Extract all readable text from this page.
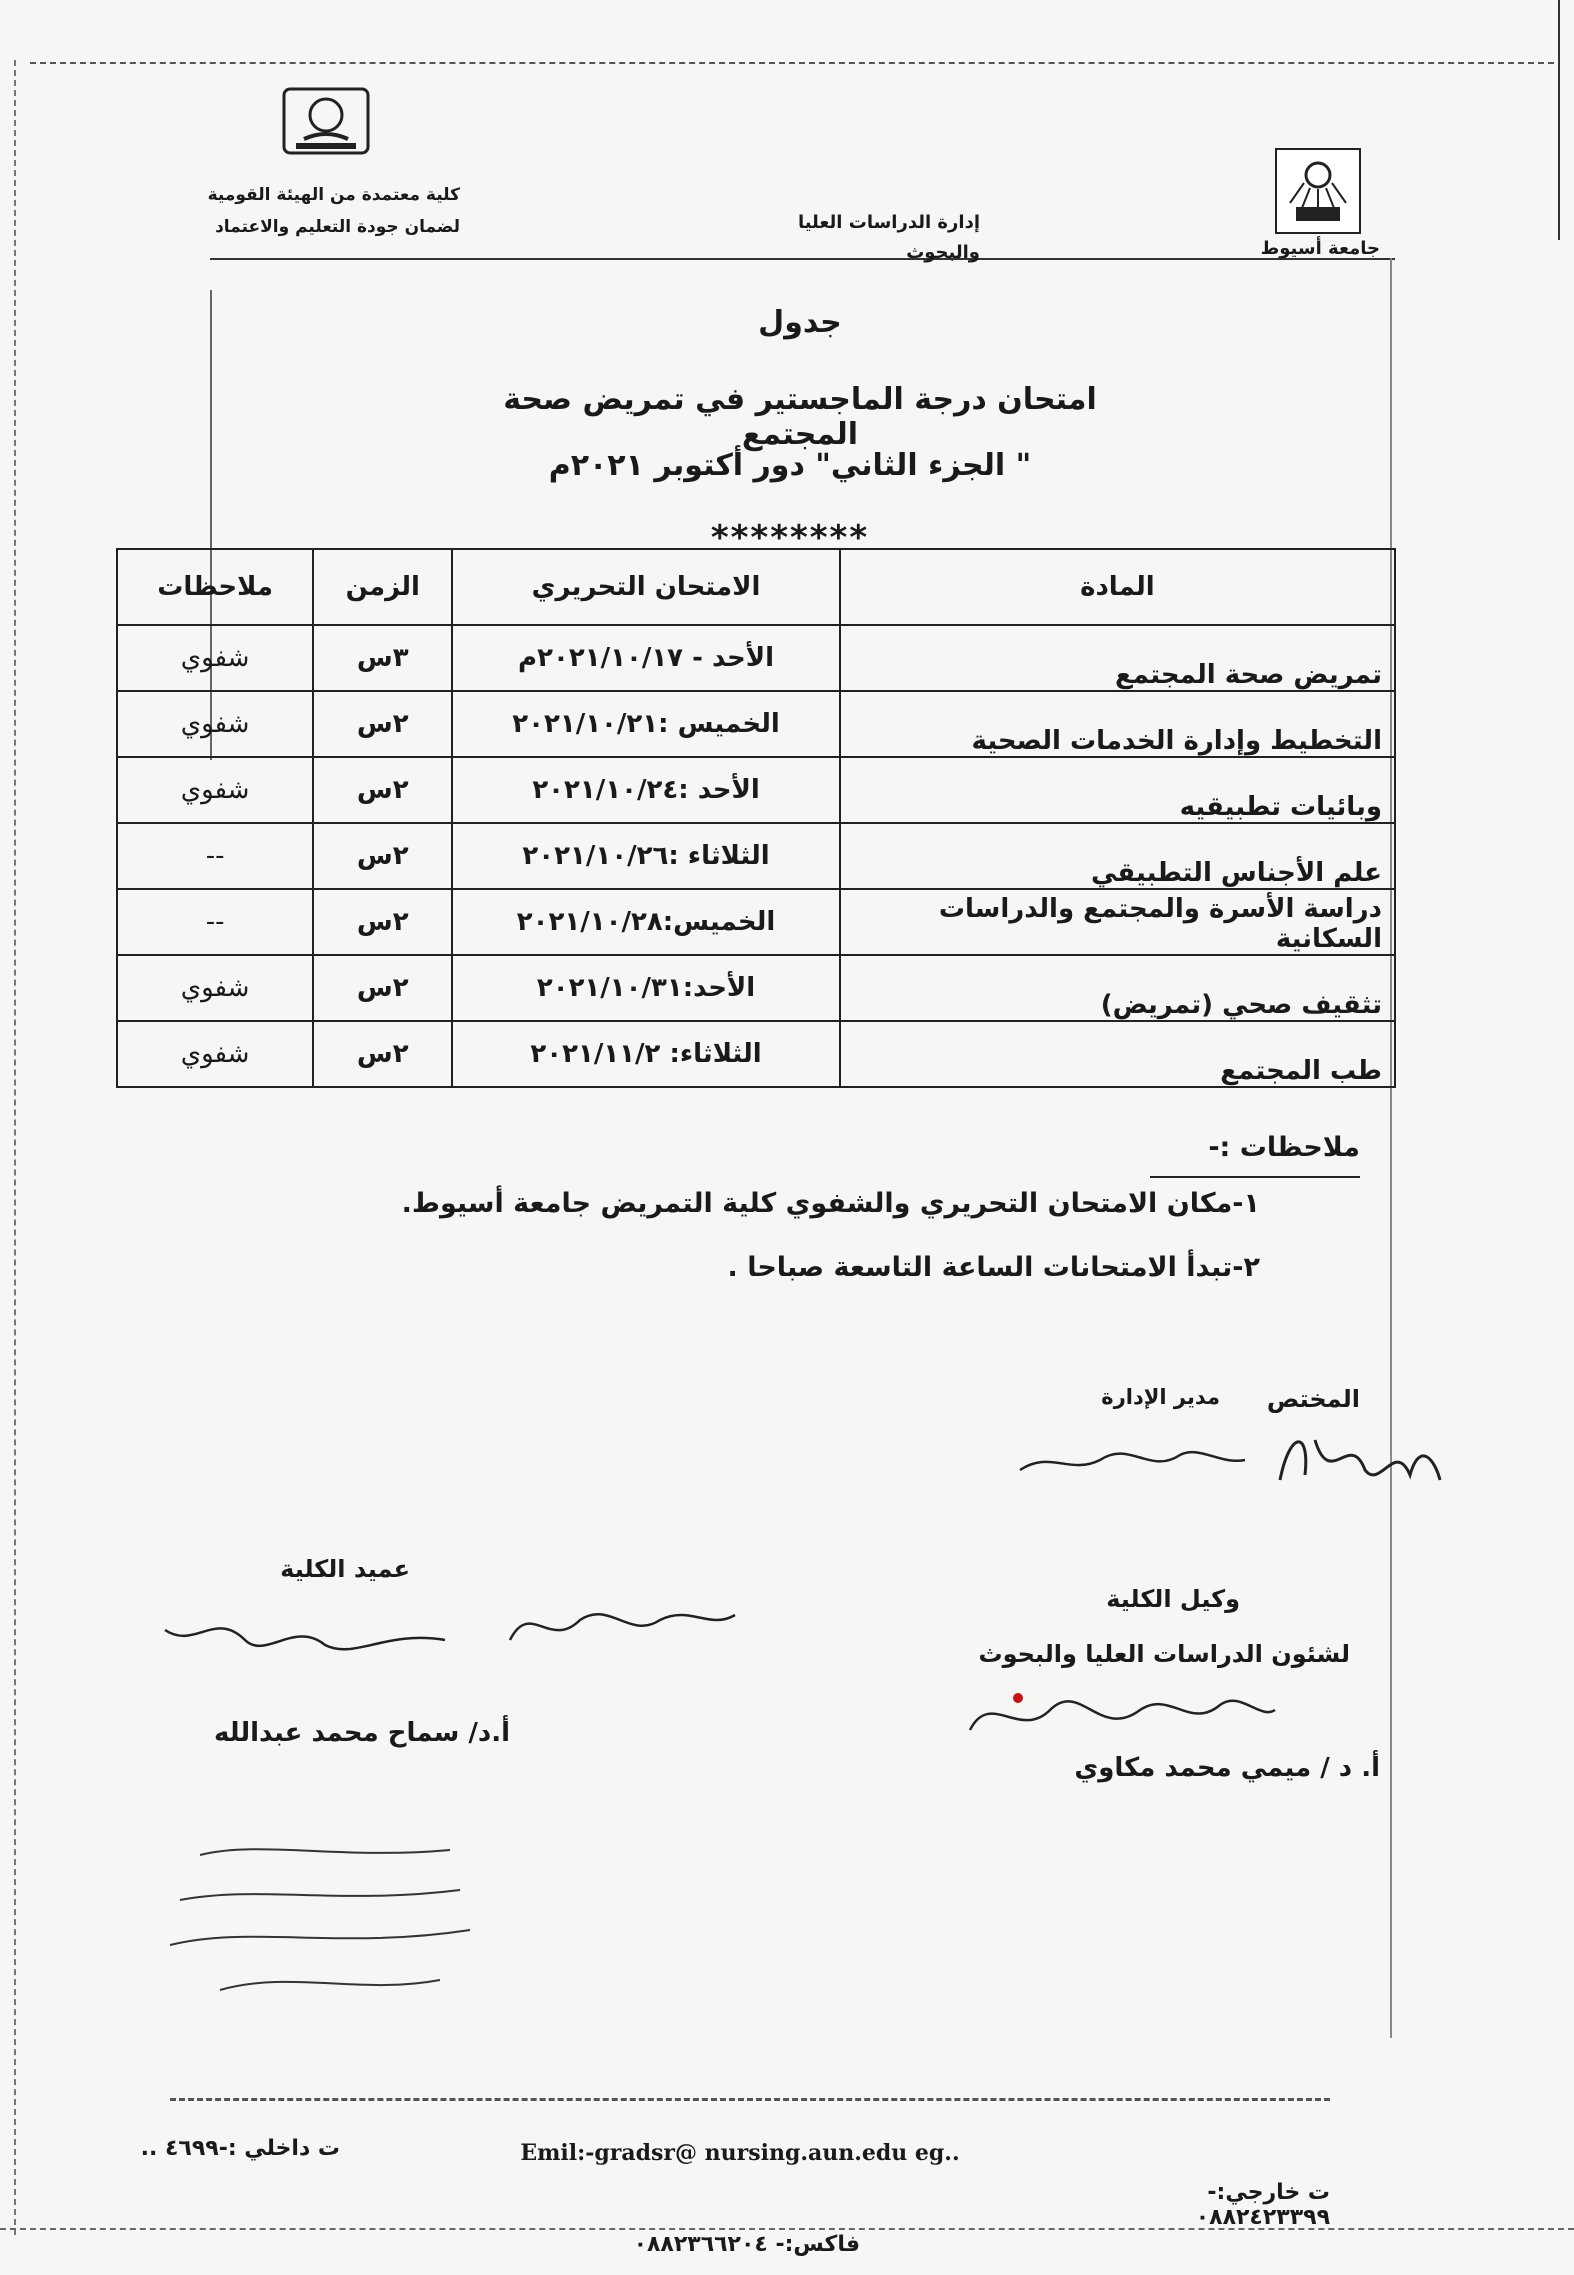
جامعة أسيوط
إدارة الدراسات العليا والبحوث
كلية معتمدة من الهيئة القومية
لضمان جودة التعليم والاعتماد
جدول
امتحان درجة الماجستير في تمريض صحة المجتمع
" الجزء الثاني" دور أكتوبر ٢٠٢١م
********
المادة	الامتحان التحريري	الزمن	ملاحظات
تمريض صحة المجتمع	الأحد - ٢٠٢١/١٠/١٧م	٣س	شفوي
التخطيط وإدارة الخدمات الصحية	الخميس :٢٠٢١/١٠/٢١	٢س	شفوي
وبائيات تطبيقيه	الأحد :٢٠٢١/١٠/٢٤	٢س	شفوي
علم الأجناس التطبيقي	الثلاثاء :٢٠٢١/١٠/٢٦	٢س	--
دراسة الأسرة والمجتمع والدراسات السكانية	الخميس:٢٠٢١/١٠/٢٨	٢س	--
تثقيف صحي (تمريض)	الأحد:٢٠٢١/١٠/٣١	٢س	شفوي
طب المجتمع	الثلاثاء: ٢٠٢١/١١/٢	٢س	شفوي
ملاحظات :-
١-مكان الامتحان التحريري والشفوي كلية التمريض جامعة أسيوط.
٢-تبدأ الامتحانات الساعة التاسعة صباحا .
المختص
مدير الإدارة
عميد الكلية
أ.د/ سماح محمد عبدالله
وكيل الكلية
لشئون الدراسات العليا والبحوث
أ. د / ميمي محمد مكاوي
Emil:-gradsr@ nursing.aun.edu eg..
ت خارجي:- ٠٨٨٢٤٢٣٣٩٩
ت داخلي :-٤٦٩٩ ..
فاكس:- ٠٨٨٢٣٦٦٢٠٤
